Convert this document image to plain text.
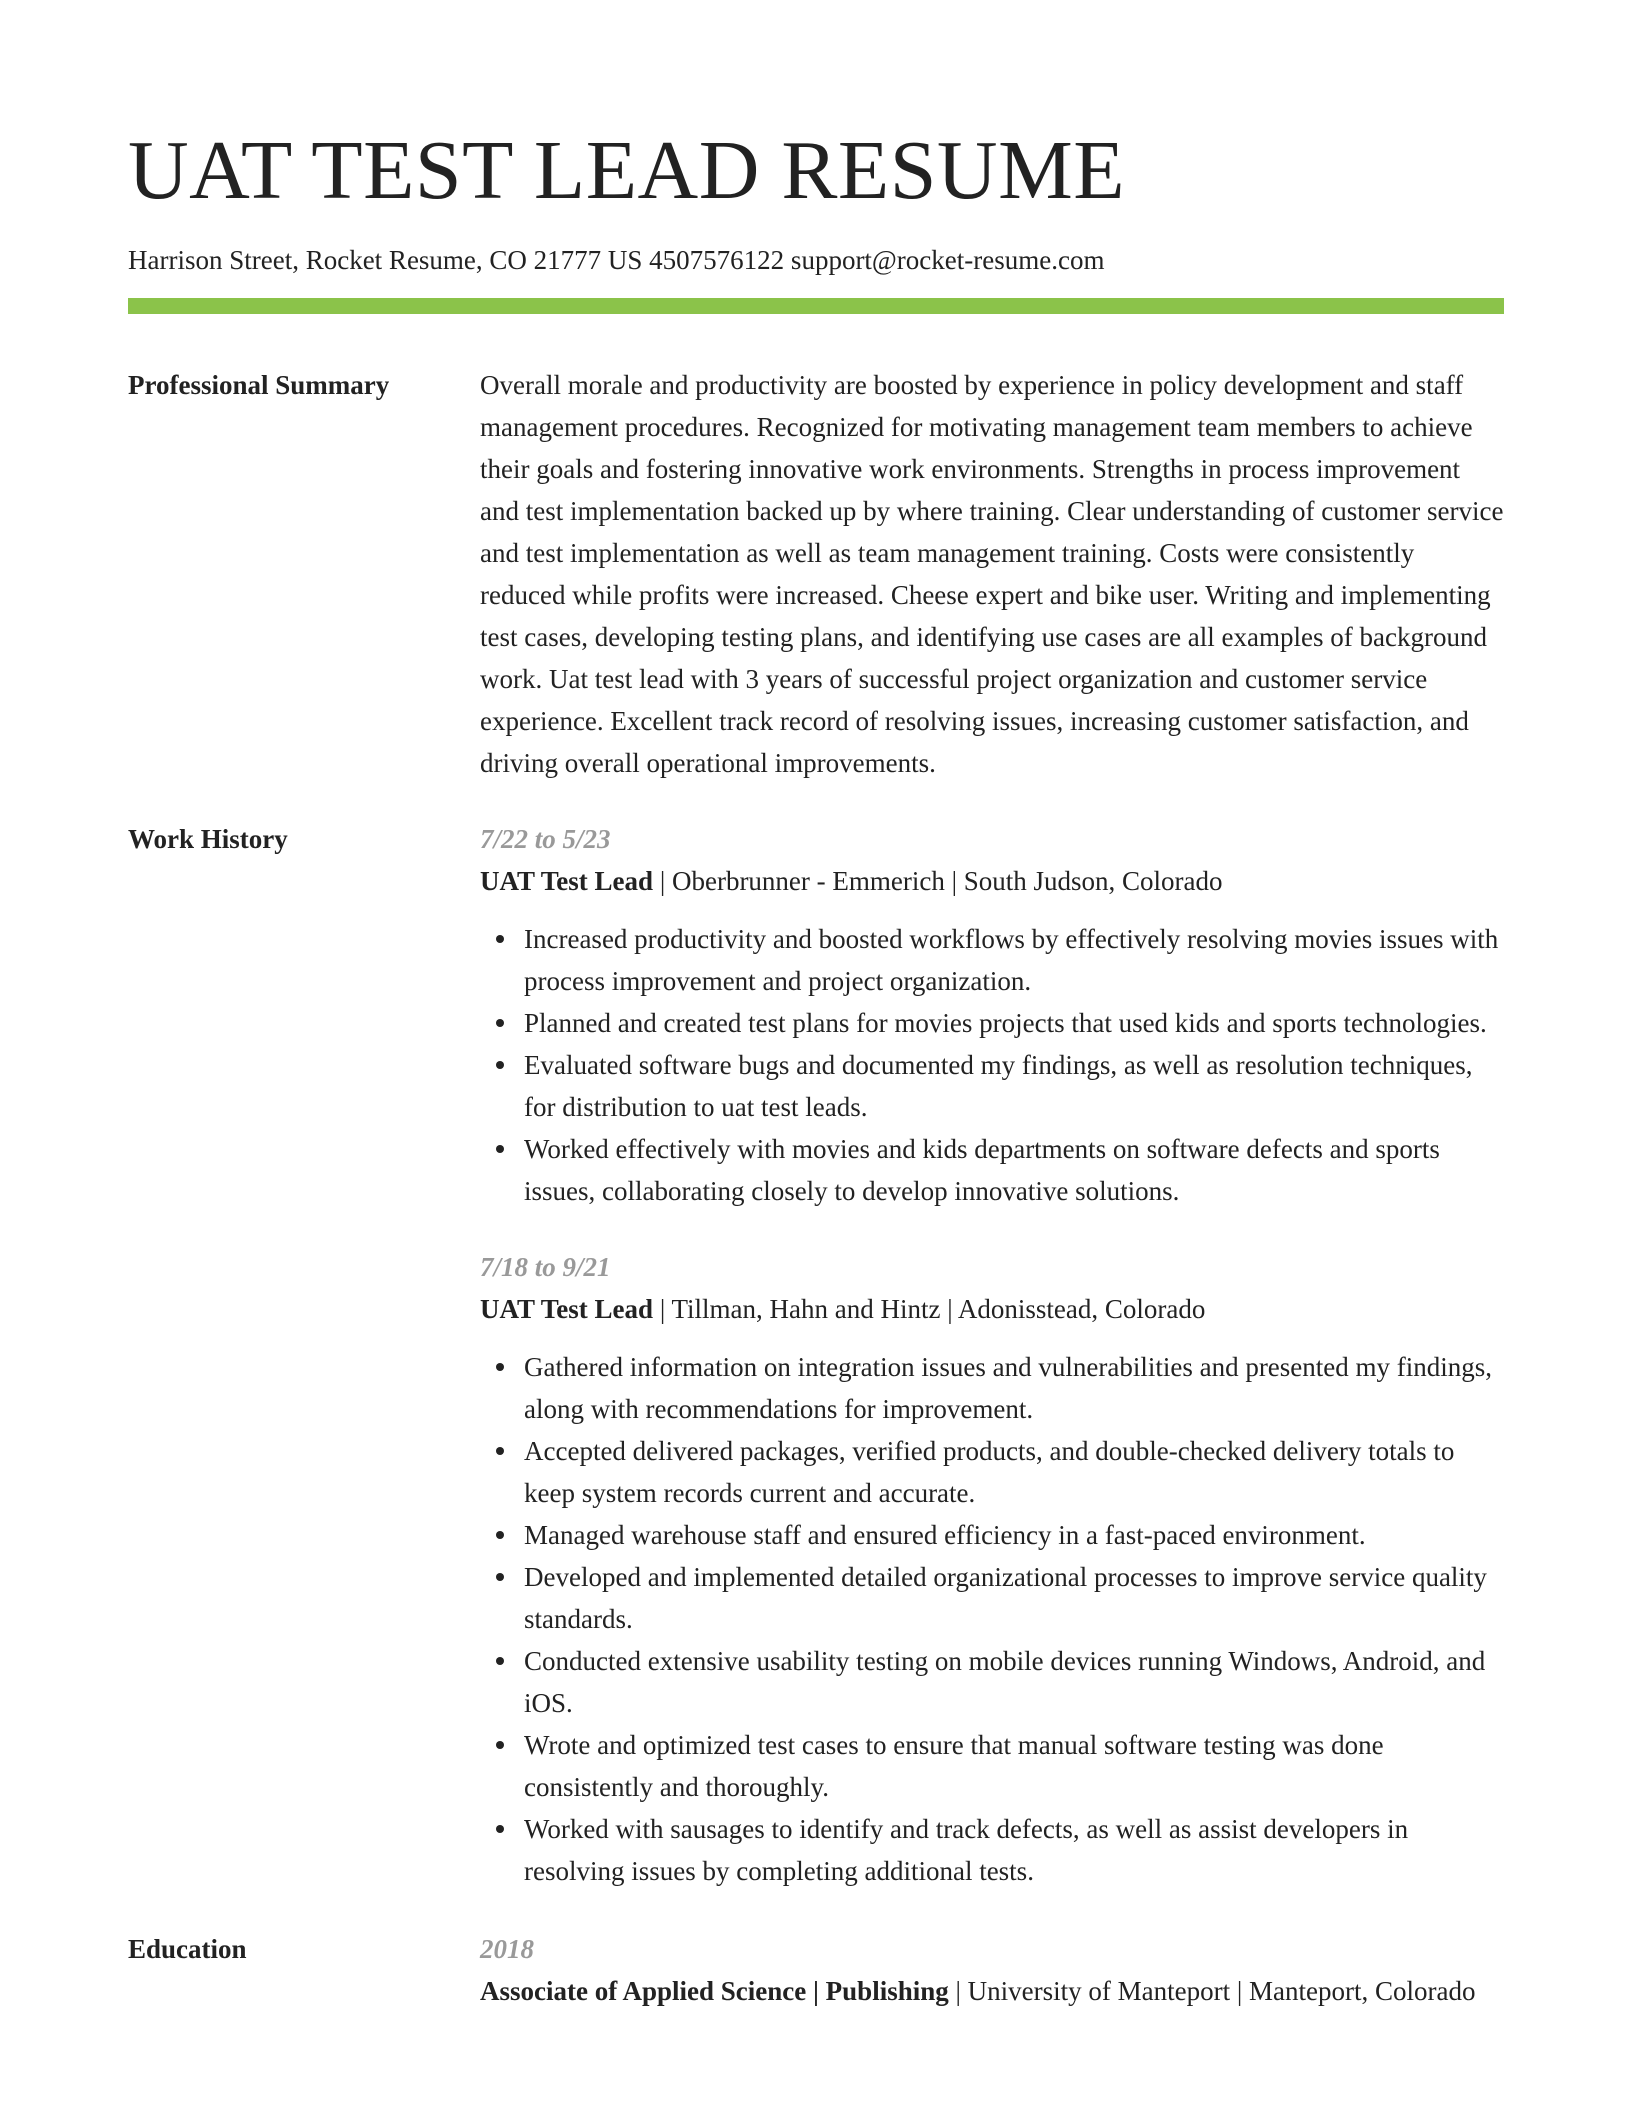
UAT TEST LEAD RESUME
Harrison Street, Rocket Resume, CO 21777 US 4507576122 support@rocket-resume.com
Professional Summary	Overall morale and productivity are boosted by experience in policy development and staff management procedures. Recognized for motivating management team members to achieve their goals and fostering innovative work environments. Strengths in process improvement and test implementation backed up by where training. Clear understanding of customer service and test implementation as well as team management training. Costs were consistently reduced while profits were increased. Cheese expert and bike user. Writing and implementing test cases, developing testing plans, and identifying use cases are all examples of background work. Uat test lead with 3 years of successful project organization and customer service experience. Excellent track record of resolving issues, increasing customer satisfaction, and driving overall operational improvements.

Work History	7/22 to 5/23
UAT Test Lead | Oberbrunner - Emmerich | South Judson, Colorado
Increased productivity and boosted workflows by effectively resolving movies issues with process improvement and project organization.
Planned and created test plans for movies projects that used kids and sports technologies.
Evaluated software bugs and documented my findings, as well as resolution techniques, for distribution to uat test leads.
Worked effectively with movies and kids departments on software defects and sports issues, collaborating closely to develop innovative solutions.
7/18 to 9/21
UAT Test Lead | Tillman, Hahn and Hintz | Adonisstead, Colorado
Gathered information on integration issues and vulnerabilities and presented my findings, along with recommendations for improvement.
Accepted delivered packages, verified products, and double-checked delivery totals to keep system records current and accurate.
Managed warehouse staff and ensured efficiency in a fast-paced environment.
Developed and implemented detailed organizational processes to improve service quality standards.
Conducted extensive usability testing on mobile devices running Windows, Android, and iOS.
Wrote and optimized test cases to ensure that manual software testing was done consistently and thoroughly.
Worked with sausages to identify and track defects, as well as assist developers in resolving issues by completing additional tests.
Education	2018
Associate of Applied Science | Publishing | University of Manteport | Manteport, Colorado
